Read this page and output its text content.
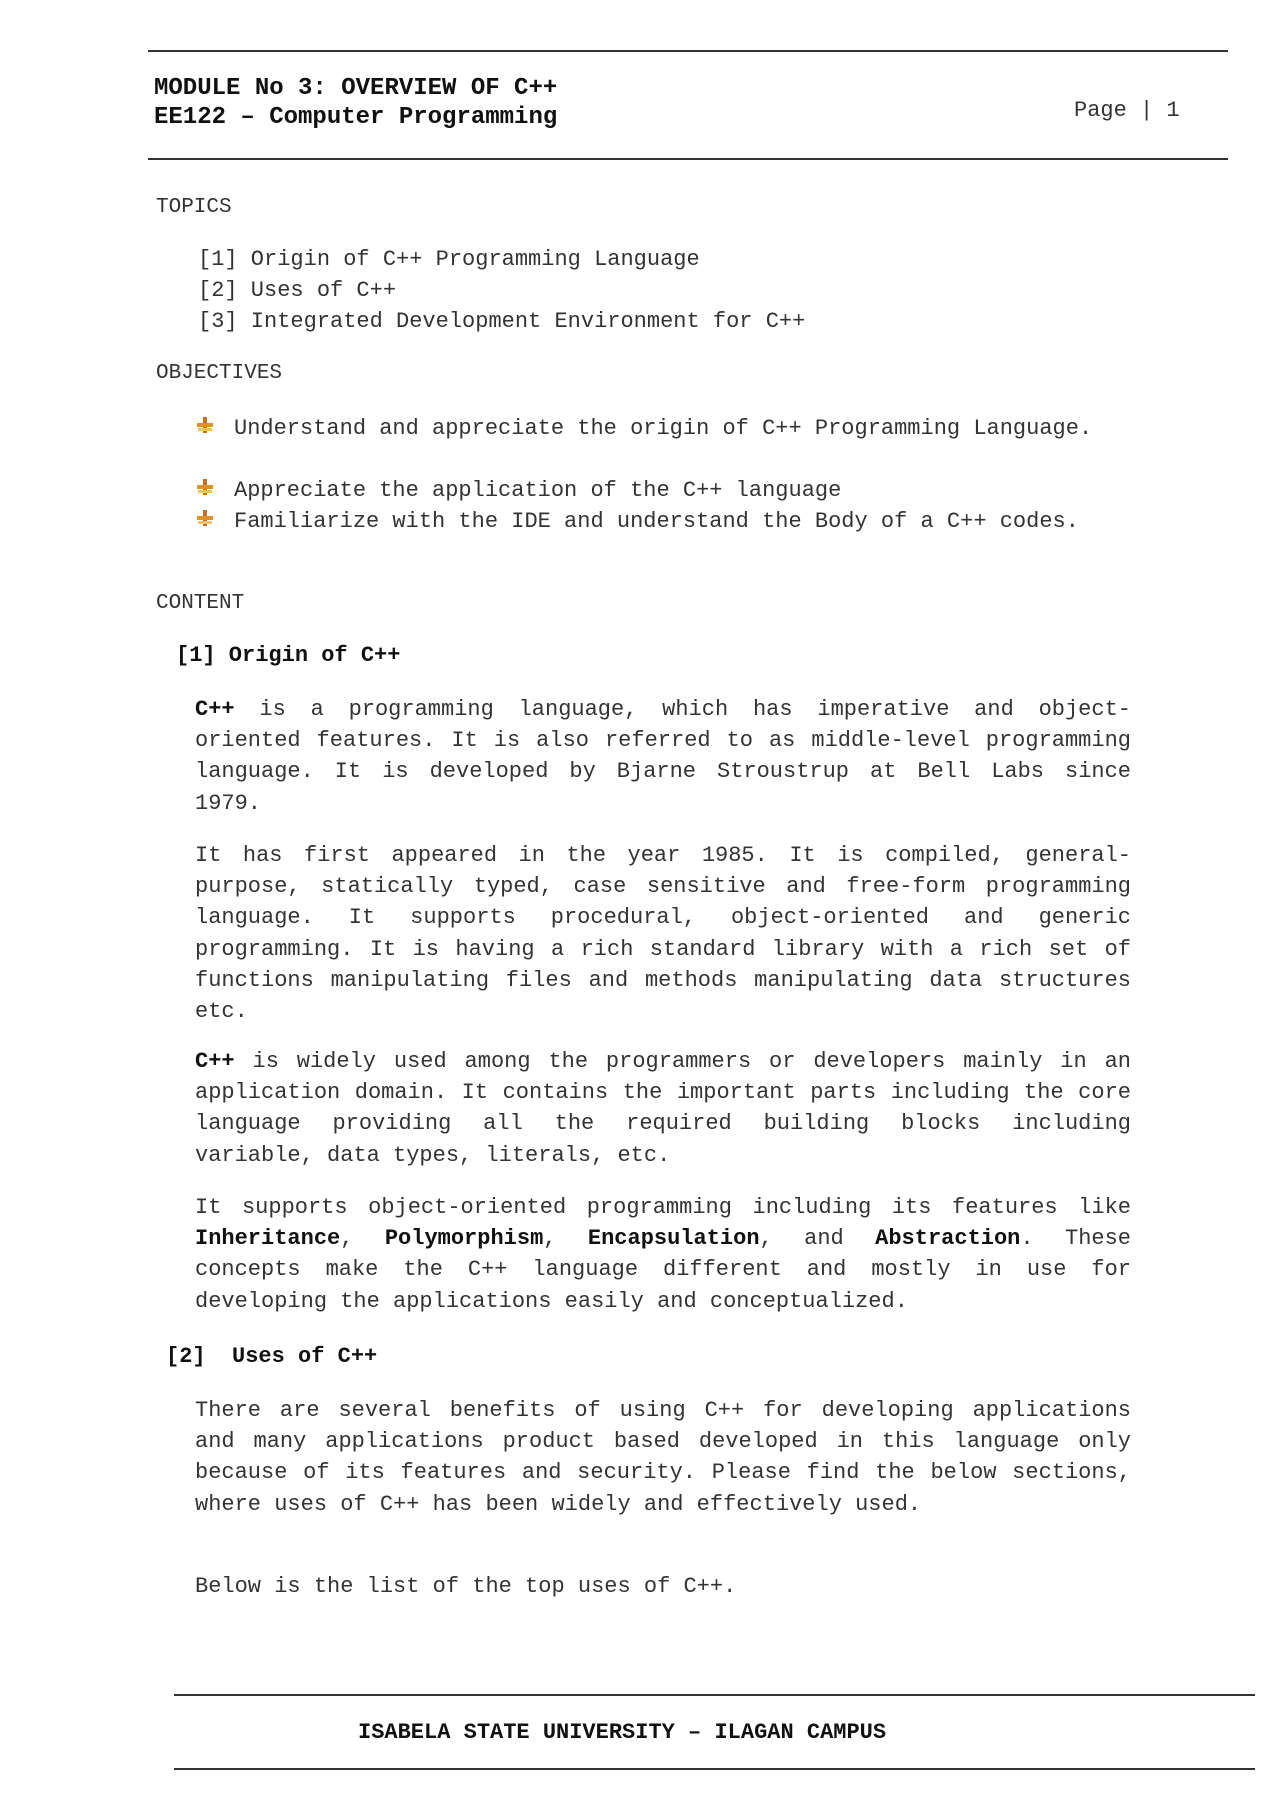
MODULE No 3: OVERVIEW OF C++
EE122 – Computer Programming	Page | 1
TOPICS
[1] Origin of C++ Programming Language
[2] Uses of C++
[3] Integrated Development Environment for C++
OBJECTIVES
Understand and appreciate the origin of C++ Programming Language.
Appreciate the application of the C++ language
Familiarize with the IDE and understand the Body of a C++ codes.
CONTENT
[1] Origin of C++

C++ is a programming language, which has imperative and object-oriented features. It is also referred to as middle-level programming language. It is developed by Bjarne Stroustrup at Bell Labs since 1979.

It has first appeared in the year 1985. It is compiled, general-purpose, statically typed, case sensitive and free-form programming language. It supports procedural, object-oriented and generic programming. It is having a rich standard library with a rich set of functions manipulating files and methods manipulating data structures etc.

C++ is widely used among the programmers or developers mainly in an application domain. It contains the important parts including the core language providing all the required building blocks including variable, data types, literals, etc.

It supports object-oriented programming including its features like Inheritance, Polymorphism, Encapsulation, and Abstraction. These concepts make the C++ language different and mostly in use for developing the applications easily and conceptualized.

[2]  Uses of C++

There are several benefits of using C++ for developing applications and many applications product based developed in this language only because of its features and security. Please find the below sections, where uses of C++ has been widely and effectively used.

Below is the list of the top uses of C++.

ISABELA STATE UNIVERSITY – ILAGAN CAMPUS
